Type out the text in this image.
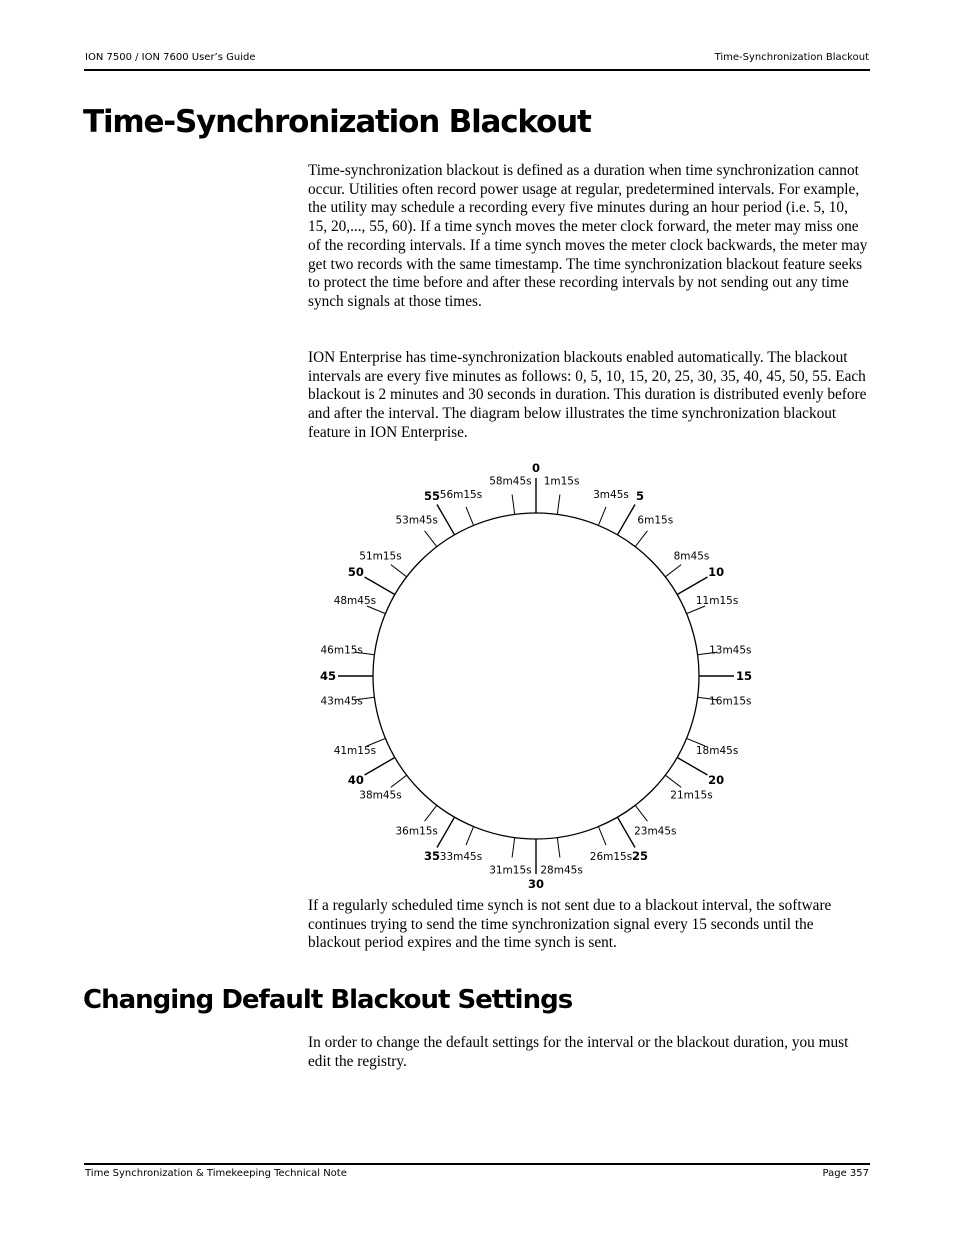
ION 7500 / ION 7600 User’s Guide	Time-Synchronization Blackout
Time-Synchronization Blackout

Time-synchronization blackout is defined as a duration when time synchronization cannot occur. Utilities often record power usage at regular, predetermined intervals. For example, the utility may schedule a recording every five minutes during an hour period (i.e. 5, 10, 15, 20,..., 55, 60). If a time synch moves the meter clock forward, the meter may miss one of the recording intervals. If a time synch moves the meter clock backwards, the meter may get two records with the same timestamp. The time synchronization blackout feature seeks to protect the time before and after these recording intervals by not sending out any time synch signals at those times.

ION Enterprise has time-synchronization blackouts enabled automatically. The blackout intervals are every five minutes as follows: 0, 5, 10, 15, 20, 25, 30, 35, 40, 45, 50, 55. Each blackout is 2 minutes and 30 seconds in duration. This duration is distributed evenly before and after the interval. The diagram below illustrates the time synchronization blackout feature in ION Enterprise.

0
58m45s 1m15s
5
3m45s
6m15s
10
8m45s
11m15s
15
13m45s
16m15s
20
18m45s
21m15s
25
23m45s
26m15s
30
28m45s
31m15s
35 33m45s
36m15s
40
38m45s
41m15s
45
43m45s
46m15s
50
48m45s
51m15s
55
53m45s
56m15s

If a regularly scheduled time synch is not sent due to a blackout interval, the software continues trying to send the time synchronization signal every 15 seconds until the blackout period expires and the time synch is sent.

Changing Default Blackout Settings

In order to change the default settings for the interval or the blackout duration, you must edit the registry.

Time Synchronization & Timekeeping Technical Note	Page 357
